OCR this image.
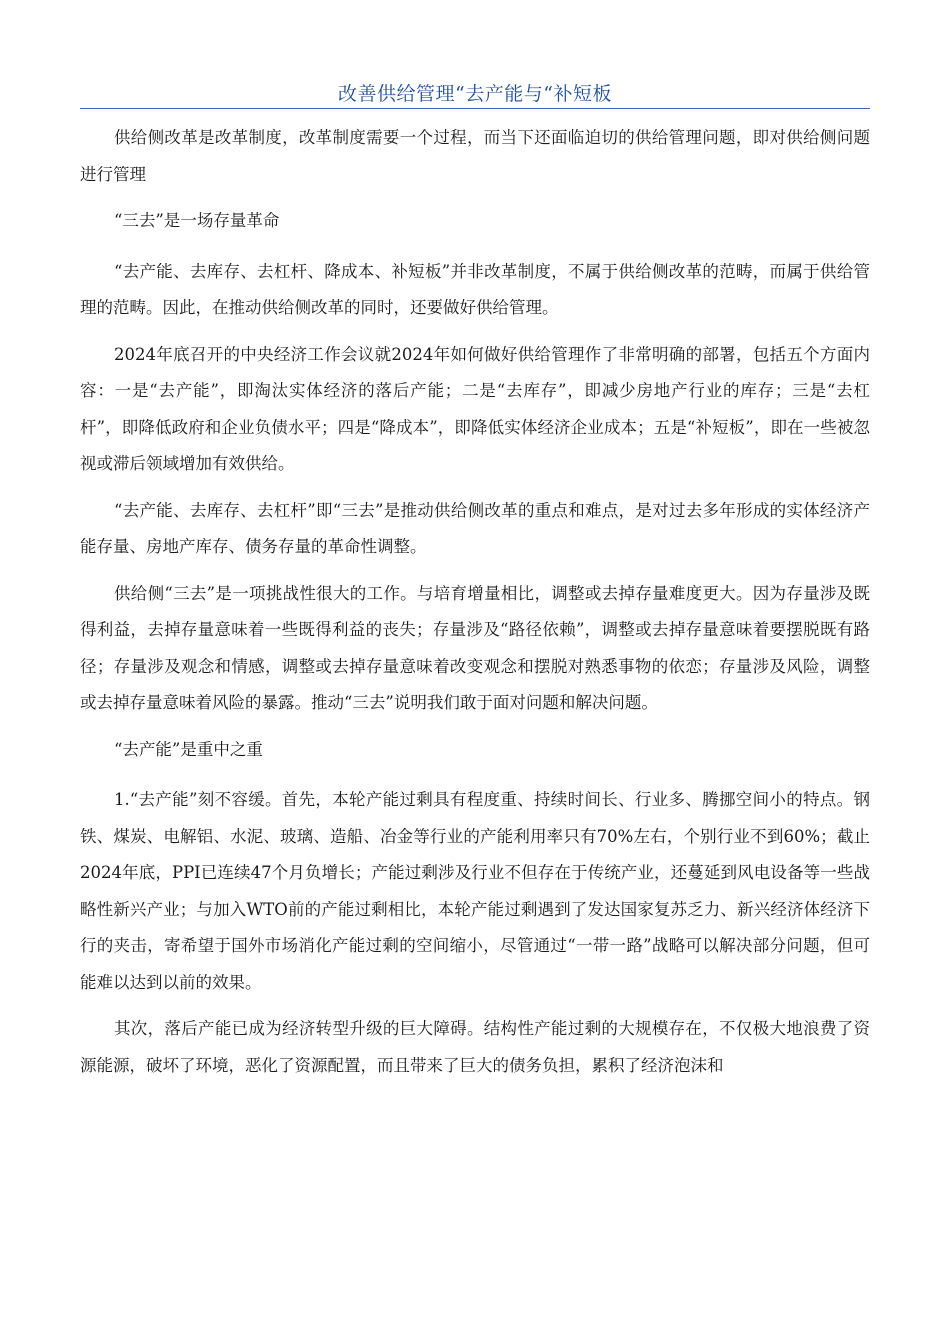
改善供给管理“去产能与“补短板

供给侧改革是改革制度，改革制度需要一个过程，而当下还面临迫切的供给管理问题，即对供给侧问题进行管理

“三去”是一场存量革命

“去产能、去库存、去杠杆、降成本、补短板”并非改革制度，不属于供给侧改革的范畴，而属于供给管理的范畴。因此，在推动供给侧改革的同时，还要做好供给管理。

2024年底召开的中央经济工作会议就2024年如何做好供给管理作了非常明确的部署，包括五个方面内容：一是“去产能”，即淘汰实体经济的落后产能；二是“去库存”，即减少房地产行业的库存；三是“去杠杆”，即降低政府和企业负债水平；四是“降成本”，即降低实体经济企业成本；五是“补短板”，即在一些被忽视或滞后领域增加有效供给。

“去产能、去库存、去杠杆”即“三去”是推动供给侧改革的重点和难点，是对过去多年形成的实体经济产能存量、房地产库存、债务存量的革命性调整。

供给侧“三去”是一项挑战性很大的工作。与培育增量相比，调整或去掉存量难度更大。因为存量涉及既得利益，去掉存量意味着一些既得利益的丧失；存量涉及“路径依赖”，调整或去掉存量意味着要摆脱既有路径；存量涉及观念和情感，调整或去掉存量意味着改变观念和摆脱对熟悉事物的依恋；存量涉及风险，调整或去掉存量意味着风险的暴露。推动“三去”说明我们敢于面对问题和解决问题。

“去产能”是重中之重

1.“去产能”刻不容缓。首先，本轮产能过剩具有程度重、持续时间长、行业多、腾挪空间小的特点。钢铁、煤炭、电解铝、水泥、玻璃、造船、冶金等行业的产能利用率只有70%左右，个别行业不到60%；截止2024年底，PPI已连续47个月负增长；产能过剩涉及行业不但存在于传统产业，还蔓延到风电设备等一些战略性新兴产业；与加入WTO前的产能过剩相比，本轮产能过剩遇到了发达国家复苏乏力、新兴经济体经济下行的夹击，寄希望于国外市场消化产能过剩的空间缩小，尽管通过“一带一路”战略可以解决部分问题，但可能难以达到以前的效果。

其次，落后产能已成为经济转型升级的巨大障碍。结构性产能过剩的大规模存在，不仅极大地浪费了资源能源，破坏了环境，恶化了资源配置，而且带来了巨大的债务负担，累积了经济泡沫和
